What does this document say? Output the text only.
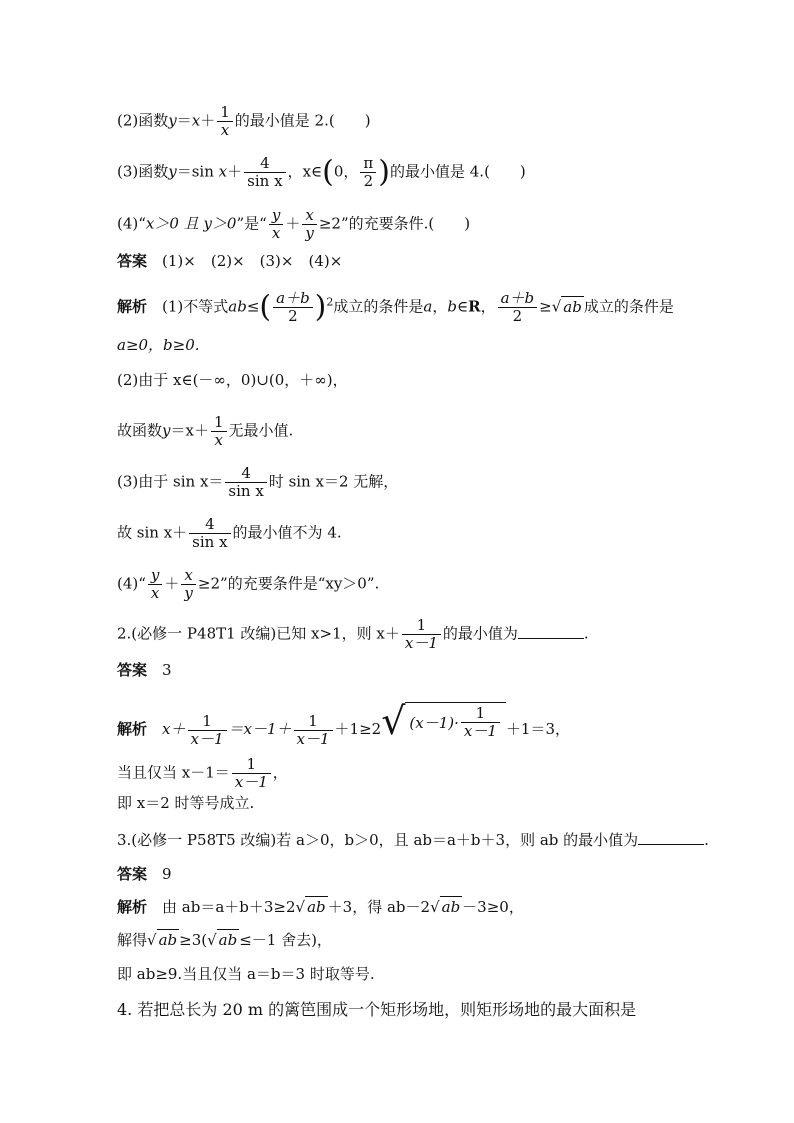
(2)函数$y=x+ \frac{1}{x}$ 的最小值是 2.(　　)
(3)函数y＝sin $x+ \frac{4}{\text{sin x}}$ ，x∈(0， $\frac{\pi}{2}$ )的最小值是 4.(　　)
(4)“x＞0 且 y＞0”是“ $\frac{y}{x} + \frac{x}{y} \ge 2$”的充要条件.(　　)
答案　 (1)×　(2)×　(3)×　(4)×
解析　 (1)不等式$ab\le( \frac{a+b}{2} )^2$成立的条件是a，b∈R， $\frac{a+b}{2}$ ≥√ ab 成立的条件是
a≥0，b≥0.
(2)由于 x∈(－∞，0)∪(0，＋∞)，
故函数$y=x+ \frac{1}{x}$ 无最小值.
(3)由于 $\sin x= \frac{4}{\text{sin x}}$ 时 sin x＝2 无解，
故 $\sin x+ \frac{4}{\text{sin x}}$ 的最小值不为 4.
(4)“ $\frac{y}{x} + \frac{x}{y} \ge 2$”的充要条件是“xy＞0”.
2.(必修一 P48T1 改编)已知 x>1，则 $x+ \frac{1}{x-1}$ 的最小值为	.
答案　 3
解析　 $x+ \frac{1}{x-1} =x-1+ \frac{1}{x-1} +1\ge 2$ √ $(x-1)\cdot \frac{1}{x-1} +1=3$，
当且仅当 $x-1= \frac{1}{x-1}$ ，
即 x＝2 时等号成立.
3.(必修一 P58T5 改编)若 a＞0，b＞0，且 ab＝a＋b＋3，则 ab 的最小值为	.
答案　 9
解析　 由 ab＝a＋b＋3≥2√ ab ＋3，得 ab－2√ ab －3≥0，
解得√ ab ≥3(√ ab ≤－1 舍去)，
即 ab≥9.当且仅当 a＝b＝3 时取等号.
4. 若把总长为 20 m 的篱笆围成一个矩形场地，则矩形场地的最大面积是
